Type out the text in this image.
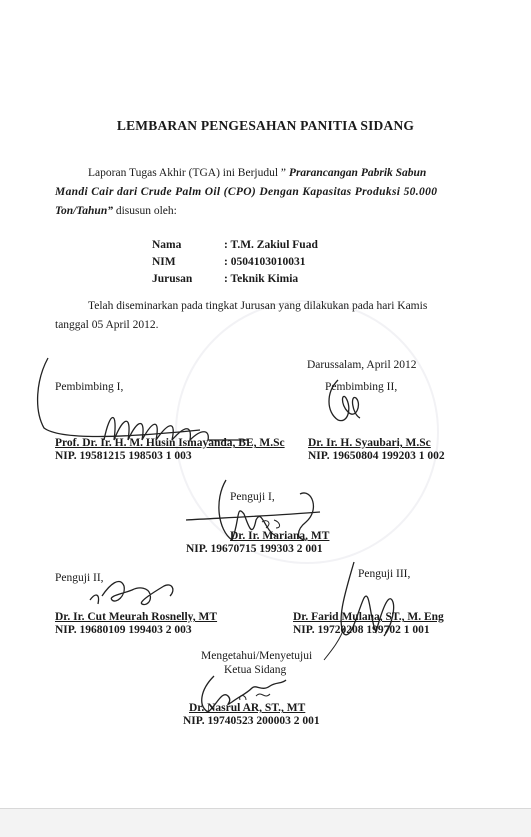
LEMBARAN PENGESAHAN PANITIA SIDANG
Laporan Tugas Akhir (TGA) ini Berjudul ” Prarancangan Pabrik Sabun
Mandi Cair dari Crude Palm Oil (CPO) Dengan Kapasitas Produksi 50.000
Ton/Tahun” disusun oleh:
Nama	: T.M. Zakiul Fuad
NIM	: 0504103010031
Jurusan	: Teknik Kimia
Telah diseminarkan pada tingkat Jurusan yang dilakukan pada hari Kamis
tanggal 05 April 2012.
Darussalam, April 2012
Pembimbing I,
Prof. Dr. Ir. H. M. Husin Ismayanda, BE, M.Sc
NIP. 19581215 198503 1 003
Pembimbing II,
Dr. Ir. H. Syaubari, M.Sc
NIP. 19650804 199203 1 002
Penguji I,
Dr. Ir. Mariana, MT
NIP. 19670715 199303 2 001
Penguji II,
Dr. Ir. Cut Meurah Rosnelly, MT
NIP. 19680109 199403 2 003
Penguji III,
Dr. Farid Mulana, ST., M. Eng
NIP. 19720208 199702 1 001
Mengetahui/Menyetujui
Ketua Sidang
Dr. Nasrul AR, ST., MT
NIP. 19740523 200003 2 001
